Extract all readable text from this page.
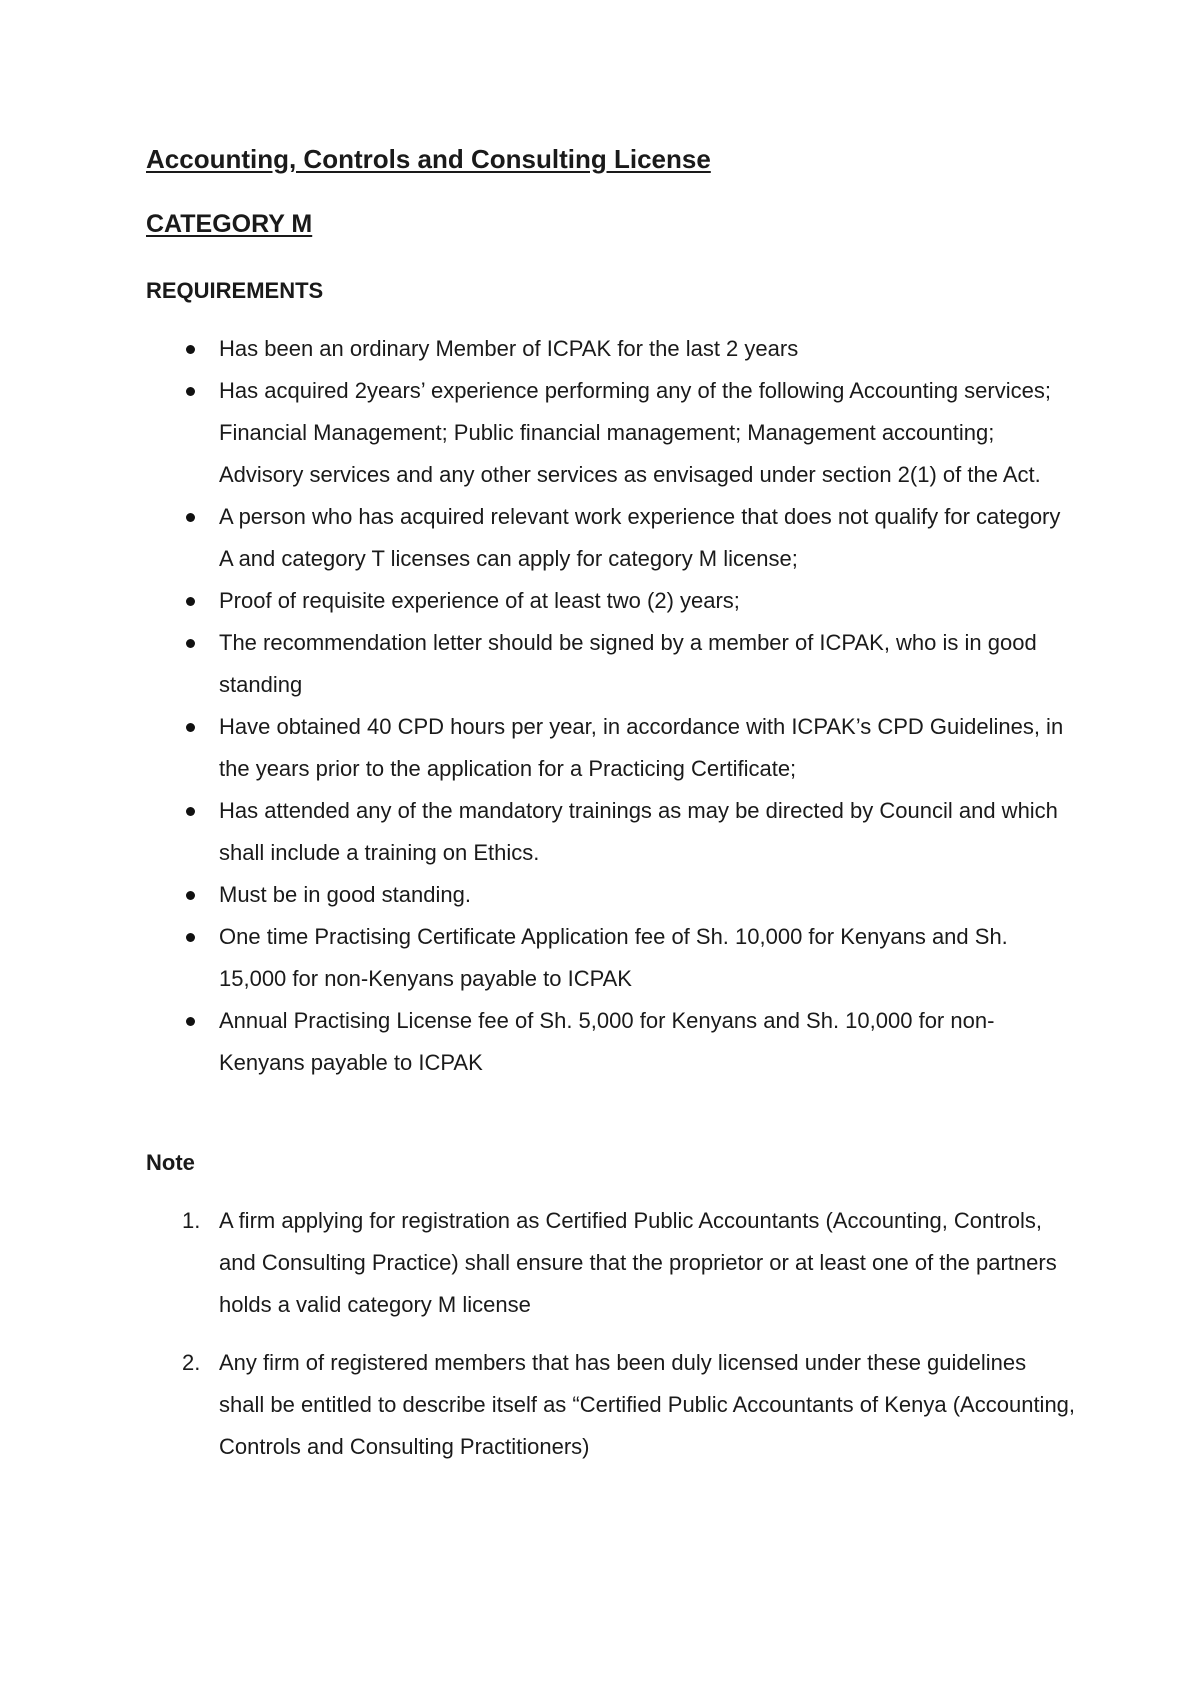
Accounting, Controls and Consulting License
CATEGORY M
REQUIREMENTS
Has been an ordinary Member of ICPAK for the last 2 years
Has acquired 2years’ experience performing any of the following Accounting services; Financial Management; Public financial management; Management accounting; Advisory services and any other services as envisaged under section 2(1) of the Act.
A person who has acquired relevant work experience that does not qualify for category A and category T licenses can apply for category M license;
Proof of requisite experience of at least two (2) years;
The recommendation letter should be signed by a member of ICPAK, who is in good standing
Have obtained 40 CPD hours per year, in accordance with ICPAK’s CPD Guidelines, in the years prior to the application for a Practicing Certificate;
Has attended any of the mandatory trainings as may be directed by Council and which shall include a training on Ethics.
Must be in good standing.
One time Practising Certificate Application fee of Sh. 10,000 for Kenyans and Sh. 15,000 for non-Kenyans payable to ICPAK
Annual Practising License fee of Sh. 5,000 for Kenyans and Sh. 10,000 for non-Kenyans payable to ICPAK
Note
1. A firm applying for registration as Certified Public Accountants (Accounting, Controls, and Consulting Practice) shall ensure that the proprietor or at least one of the partners holds a valid category M license
2. Any firm of registered members that has been duly licensed under these guidelines shall be entitled to describe itself as “Certified Public Accountants of Kenya (Accounting, Controls and Consulting Practitioners)
